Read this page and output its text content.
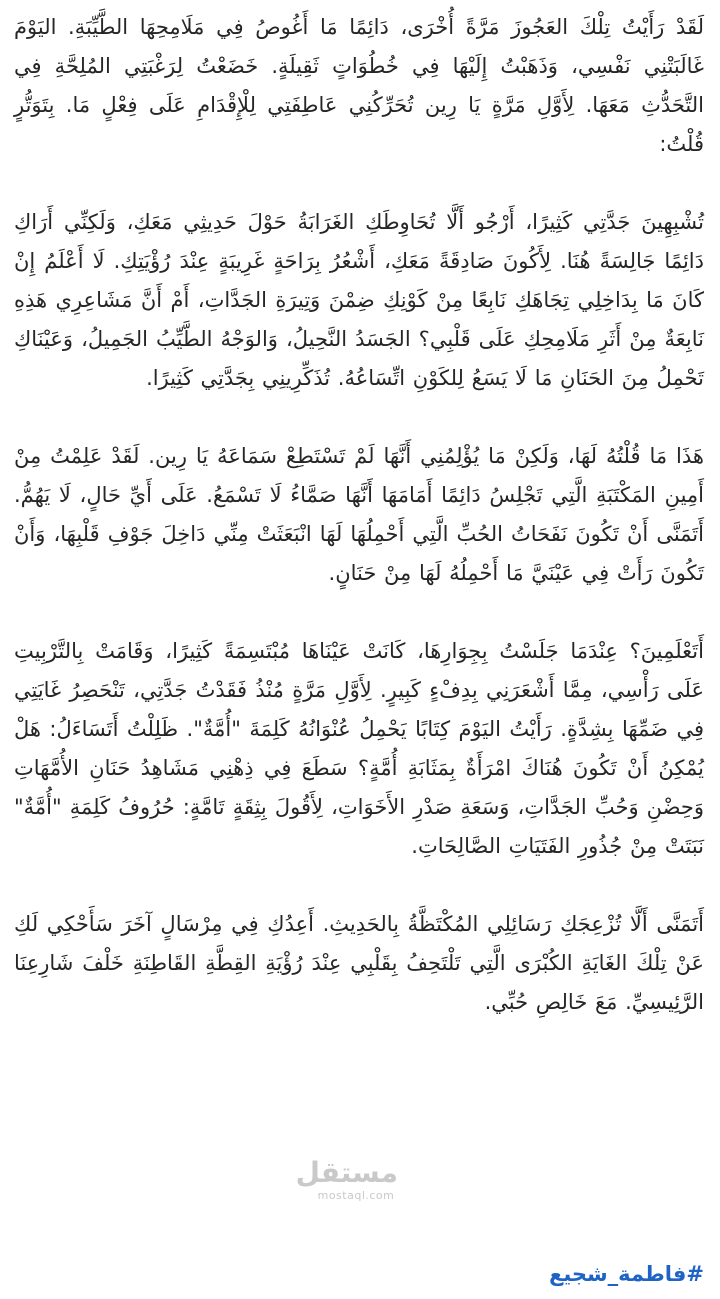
لَقَدْ رَأَيْتُ تِلْكَ العَجُوزَ مَرَّةً أُخْرَى، دَائِمًا مَا أَغُوصُ فِي مَلَامِحِهَا الطَّيِّبَةِ. اليَوْمَ غَالَبَتْنِي نَفْسِي، وَذَهَبْتُ إِلَيْهَا فِي خُطُوَاتٍ ثَقِيلَةٍ. خَضَعْتُ لِرَغْبَتِي المُلِحَّةِ فِي التَّحَدُّثِ مَعَهَا. لِأَوَّلِ مَرَّةٍ يَا رِين تُحَرِّكُنِي عَاطِفَتِي لِلْإِقْدَامِ عَلَى فِعْلٍ مَا. بِتَوَتُّرٍ قُلْتُ:

تُشْبِهِينَ جَدَّتِي كَثِيرًا، أَرْجُو أَلَّا تُحَاوِطَكِ الغَرَابَةُ حَوْلَ حَدِيثِي مَعَكِ، وَلَكِنِّي أَرَاكِ دَائِمًا جَالِسَةً هُنَا. لِأَكُونَ صَادِقَةً مَعَكِ، أَشْعُرُ بِرَاحَةٍ غَرِيبَةٍ عِنْدَ رُؤْيَتِكِ. لَا أَعْلَمُ إِنْ كَانَ مَا بِدَاخِلِي تِجَاهَكِ نَابِعًا مِنْ كَوْنِكِ ضِمْنَ وَتِيرَةِ الجَدَّاتِ، أَمْ أَنَّ مَشَاعِرِي هَذِهِ نَابِعَةٌ مِنْ أَثَرِ مَلَامِحِكِ عَلَى قَلْبِي؟ الجَسَدُ النَّحِيلُ، وَالوَجْهُ الطَّيِّبُ الجَمِيلُ، وَعَيْنَاكِ تَحْمِلُ مِنَ الحَنَانِ مَا لَا يَسَعُ لِلكَوْنِ اتِّسَاعُهُ. تُذَكِّرِينِي بِجَدَّتِي كَثِيرًا.

هَذَا مَا قُلْتُهُ لَهَا، وَلَكِنْ مَا يُؤْلِمُنِي أَنَّهَا لَمْ تَسْتَطِعْ سَمَاعَهُ يَا رِين. لَقَدْ عَلِمْتُ مِنْ أَمِينِ المَكْتَبَةِ الَّتِي تَجْلِسُ دَائِمًا أَمَامَهَا أَنَّهَا صَمَّاءُ لَا تَسْمَعُ. عَلَى أَيِّ حَالٍ، لَا يَهُمُّ. أَتَمَنَّى أَنْ تَكُونَ نَفَحَاتُ الحُبِّ الَّتِي أَحْمِلُهَا لَهَا انْبَعَثَتْ مِنِّي دَاخِلَ جَوْفِ قَلْبِهَا، وَأَنْ تَكُونَ رَأَتْ فِي عَيْنَيَّ مَا أَحْمِلُهُ لَهَا مِنْ حَنَانٍ.

أَتَعْلَمِينَ؟ عِنْدَمَا جَلَسْتُ بِجِوَارِهَا، كَانَتْ عَيْنَاهَا مُبْتَسِمَةً كَثِيرًا، وَقَامَتْ بِالتَّرْبِيتِ عَلَى رَأْسِي، مِمَّا أَشْعَرَنِي بِدِفْءٍ كَبِيرٍ. لِأَوَّلِ مَرَّةٍ مُنْذُ فَقَدْتُ جَدَّتِي، تَنْحَصِرُ غَايَتِي فِي ضَمِّهَا بِشِدَّةٍ. رَأَيْتُ اليَوْمَ كِتَابًا يَحْمِلُ عُنْوَانُهُ كَلِمَةَ "أُمَّةٌ". ظَلِلْتُ أَتَسَاءَلُ: هَلْ يُمْكِنُ أَنْ تَكُونَ هُنَاكَ امْرَأَةٌ بِمَثَابَةِ أُمَّةٍ؟ سَطَعَ فِي ذِهْنِي مَشَاهِدُ حَنَانِ الأُمَّهَاتِ وَحِضْنِ وَحُبِّ الجَدَّاتِ، وَسَعَةِ صَدْرِ الأَخَوَاتِ، لِأَقُولَ بِثِقَةٍ تَامَّةٍ: حُرُوفُ كَلِمَةِ "أُمَّةٌ" نَبَتَتْ مِنْ جُذُورِ الفَتَيَاتِ الصَّالِحَاتِ.

أَتَمَنَّى أَلَّا تُزْعِجَكِ رَسَائِلِي المُكْتَظَّةُ بِالحَدِيثِ. أَعِدُكِ فِي مِرْسَالٍ آخَرَ سَأَحْكِي لَكِ عَنْ تِلْكَ الغَايَةِ الكُبْرَى الَّتِي تَلْتَحِفُ بِقَلْبِي عِنْدَ رُؤْيَةِ القِطَّةِ القَاطِنَةِ خَلْفَ شَارِعِنَا الرَّئِيسِيِّ. مَعَ خَالِصِ حُبِّي.

مستقل
mostaql.com
#فاطمة_شجيع
